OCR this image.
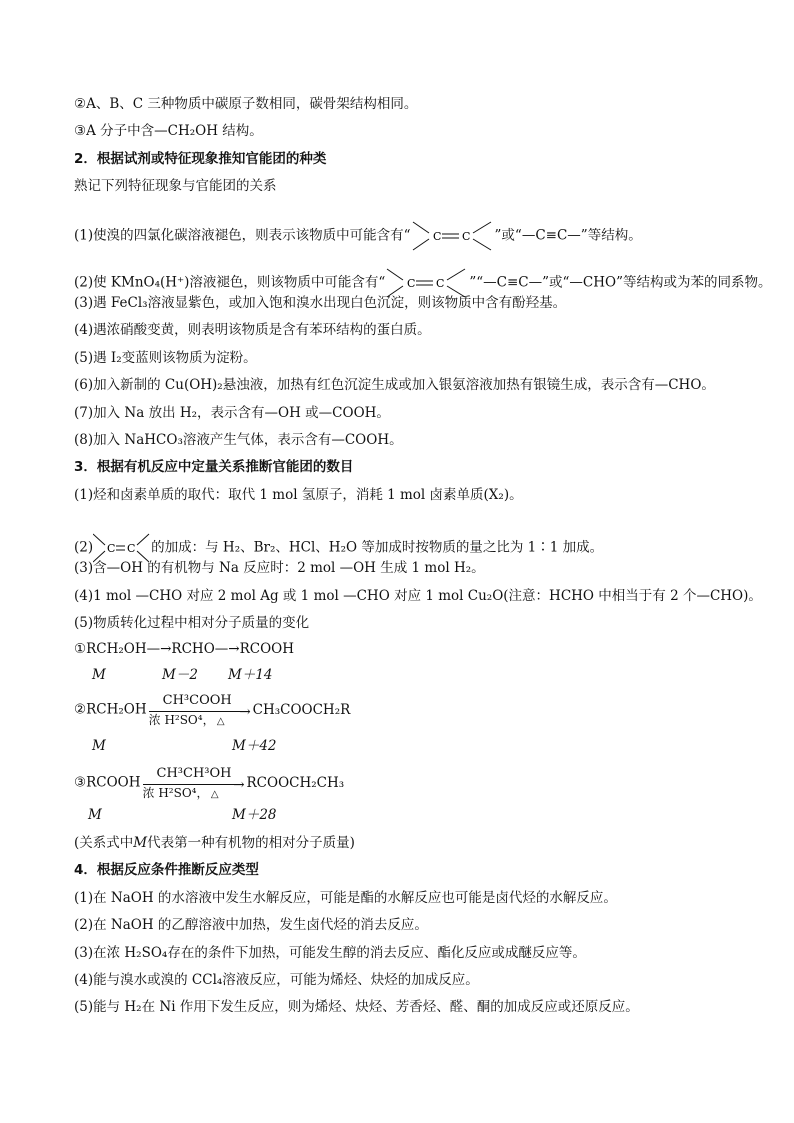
②A、B、C 三种物质中碳原子数相同，碳骨架结构相同。
③A 分子中含—CH₂OH 结构。
2．根据试剂或特征现象推知官能团的种类
熟记下列特征现象与官能团的关系
(1)使溴的四氯化碳溶液褪色，则表示该物质中可能含有“ C C ”或“—C≡C—”等结构。
(2)使 KMnO₄(H⁺)溶液褪色，则该物质中可能含有“ C C ”“—C≡C—”或“—CHO”等结构或为苯的同系物。
(3)遇 FeCl₃溶液显紫色，或加入饱和溴水出现白色沉淀，则该物质中含有酚羟基。
(4)遇浓硝酸变黄，则表明该物质是含有苯环结构的蛋白质。
(5)遇 I₂变蓝则该物质为淀粉。
(6)加入新制的 Cu(OH)₂悬浊液，加热有红色沉淀生成或加入银氨溶液加热有银镜生成，表示含有—CHO。
(7)加入 Na 放出 H₂，表示含有—OH 或—COOH。
(8)加入 NaHCO₃溶液产生气体，表示含有—COOH。
3．根据有机反应中定量关系推断官能团的数目
(1)烃和卤素单质的取代：取代 1 mol 氢原子，消耗 1 mol 卤素单质(X₂)。
(2) C C 的加成：与 H₂、Br₂、HCl、H₂O 等加成时按物质的量之比为 1∶1 加成。
(3)含—OH 的有机物与 Na 反应时：2 mol —OH 生成 1 mol H₂。
(4)1 mol —CHO 对应 2 mol Ag 或 1 mol —CHO 对应 1 mol Cu₂O(注意：HCHO 中相当于有 2 个—CHO)。
(5)物质转化过程中相对分子质量的变化
①RCH₂OH—→RCHO—→RCOOH
M	M－2 M＋14
②RCH₂OH
CH³COOH
浓 H²SO⁴， △
→ CH₃COOCH₂R
M	M＋42
③RCOOH
CH³CH³OH
浓 H²SO⁴， △
→ RCOOCH₂CH₃
M	M＋28
(关系式中M代表第一种有机物的相对分子质量)
4．根据反应条件推断反应类型
(1)在 NaOH 的水溶液中发生水解反应，可能是酯的水解反应也可能是卤代烃的水解反应。
(2)在 NaOH 的乙醇溶液中加热，发生卤代烃的消去反应。
(3)在浓 H₂SO₄存在的条件下加热，可能发生醇的消去反应、酯化反应或成醚反应等。
(4)能与溴水或溴的 CCl₄溶液反应，可能为烯烃、炔烃的加成反应。
(5)能与 H₂在 Ni 作用下发生反应，则为烯烃、炔烃、芳香烃、醛、酮的加成反应或还原反应。
